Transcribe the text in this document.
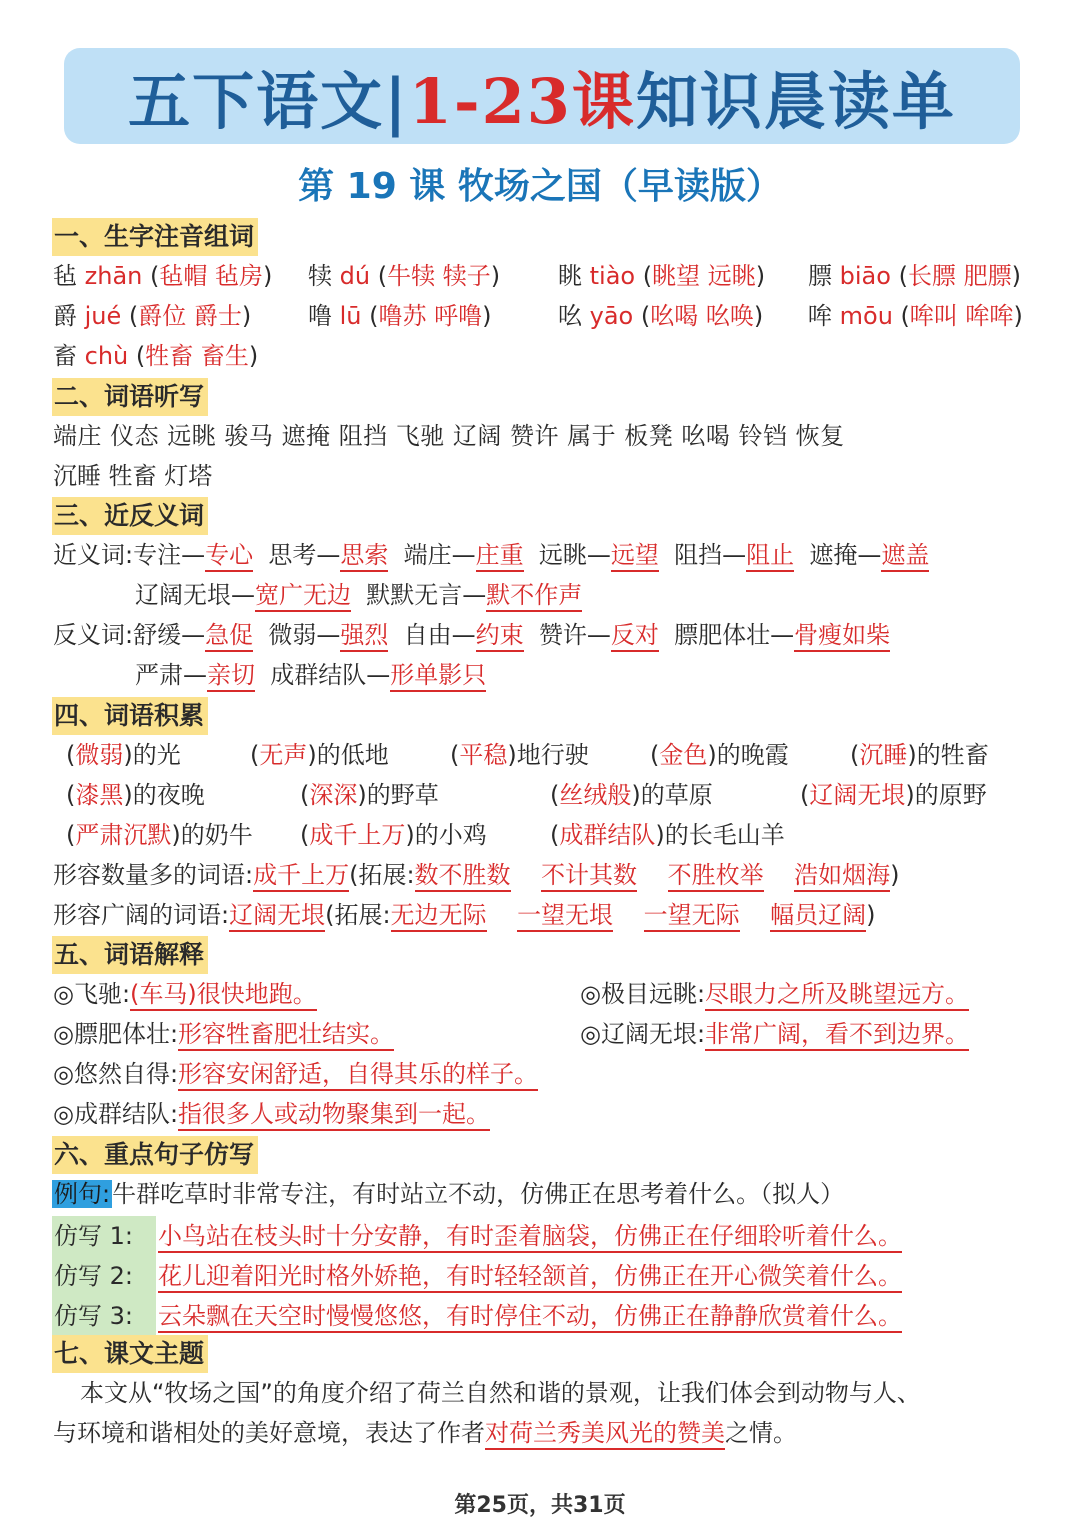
五下语文|1-23课知识晨读单
第 19 课 牧场之国（早读版）
一、生字注音组词
毡 zhān (毡帽 毡房) 犊 dú (牛犊 犊子) 眺 tiào (眺望 远眺) 膘 biāo (长膘 肥膘)
爵 jué (爵位 爵士) 噜 lū (噜苏 呼噜)	吆 yāo (吆喝 吆唤) 哞 mōu (哞叫 哞哞)
畜 chù (牲畜 畜生)
二、词语听写
端庄 仪态 远眺 骏马 遮掩 阻挡 飞驰 辽阔 赞许 属于 板凳 吆喝 铃铛 恢复
沉睡 牲畜 灯塔
三、近反义词
近义词:专注—专心 思考—思索 端庄—庄重 远眺—远望 阻挡—阻止 遮掩—遮盖
辽阔无垠—宽广无边 默默无言—默不作声
反义词:舒缓—急促 微弱—强烈 自由—约束 赞许—反对 膘肥体壮—骨瘦如柴
严肃—亲切 成群结队—形单影只
四、词语积累
(微弱)的光	(无声)的低地	(平稳)地行驶	(金色)的晚霞	(沉睡)的牲畜
(漆黑)的夜晚	(深深)的野草	(丝绒般)的草原	(辽阔无垠)的原野
(严肃沉默)的奶牛 (成千上万)的小鸡	(成群结队)的长毛山羊
形容数量多的词语:成千上万(拓展:数不胜数 不计其数 不胜枚举 浩如烟海)
形容广阔的词语:辽阔无垠(拓展:无边无际 一望无垠 一望无际 幅员辽阔)
五、词语解释
◎飞驰:(车马)很快地跑。	◎极目远眺:尽眼力之所及眺望远方。
◎膘肥体壮:形容牲畜肥壮结实。	◎辽阔无垠:非常广阔，看不到边界。
◎悠然自得:形容安闲舒适，自得其乐的样子。
◎成群结队:指很多人或动物聚集到一起。
六、重点句子仿写
例句:牛群吃草时非常专注，有时站立不动，仿佛正在思考着什么。（拟人）
仿写 1: 小鸟站在枝头时十分安静，有时歪着脑袋，仿佛正在仔细聆听着什么。
仿写 2: 花儿迎着阳光时格外娇艳，有时轻轻颔首，仿佛正在开心微笑着什么。
仿写 3: 云朵飘在天空时慢慢悠悠，有时停住不动，仿佛正在静静欣赏着什么。
七、课文主题
本文从“牧场之国”的角度介绍了荷兰自然和谐的景观，让我们体会到动物与人、
与环境和谐相处的美好意境，表达了作者对荷兰秀美风光的赞美之情。
第25页，共31页
